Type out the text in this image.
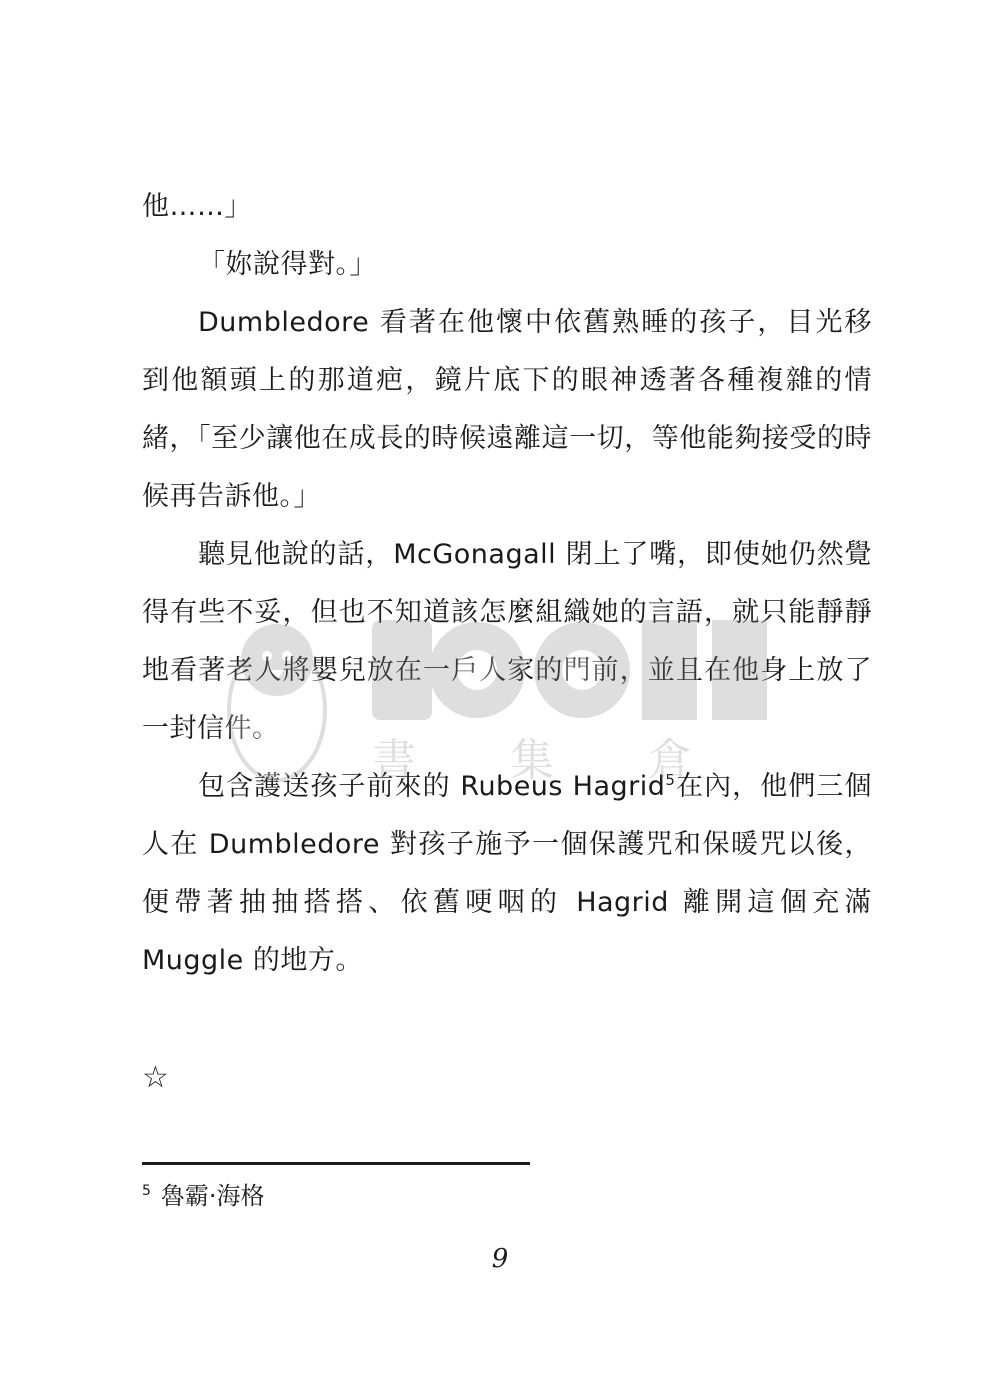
他……」

「妳說得對。」

Dumbledore 看著在他懷中依舊熟睡的孩子，目光移到他額頭上的那道疤，鏡片底下的眼神透著各種複雜的情緒，「至少讓他在成長的時候遠離這一切，等他能夠接受的時候再告訴他。」

聽見他說的話，McGonagall 閉上了嘴，即使她仍然覺得有些不妥，但也不知道該怎麼組織她的言語，就只能靜靜地看著老人將嬰兒放在一戶人家的門前，並且在他身上放了一封信件。

包含護送孩子前來的 Rubeus Hagrid$^5$在內，他們三個人在 Dumbledore 對孩子施予一個保護咒和保暖咒以後，便帶著抽抽搭搭、依舊哽咽的 Hagrid 離開這個充滿 Muggle 的地方。

☆
$^5$ 魯霸·海格
9
書 集 倉
